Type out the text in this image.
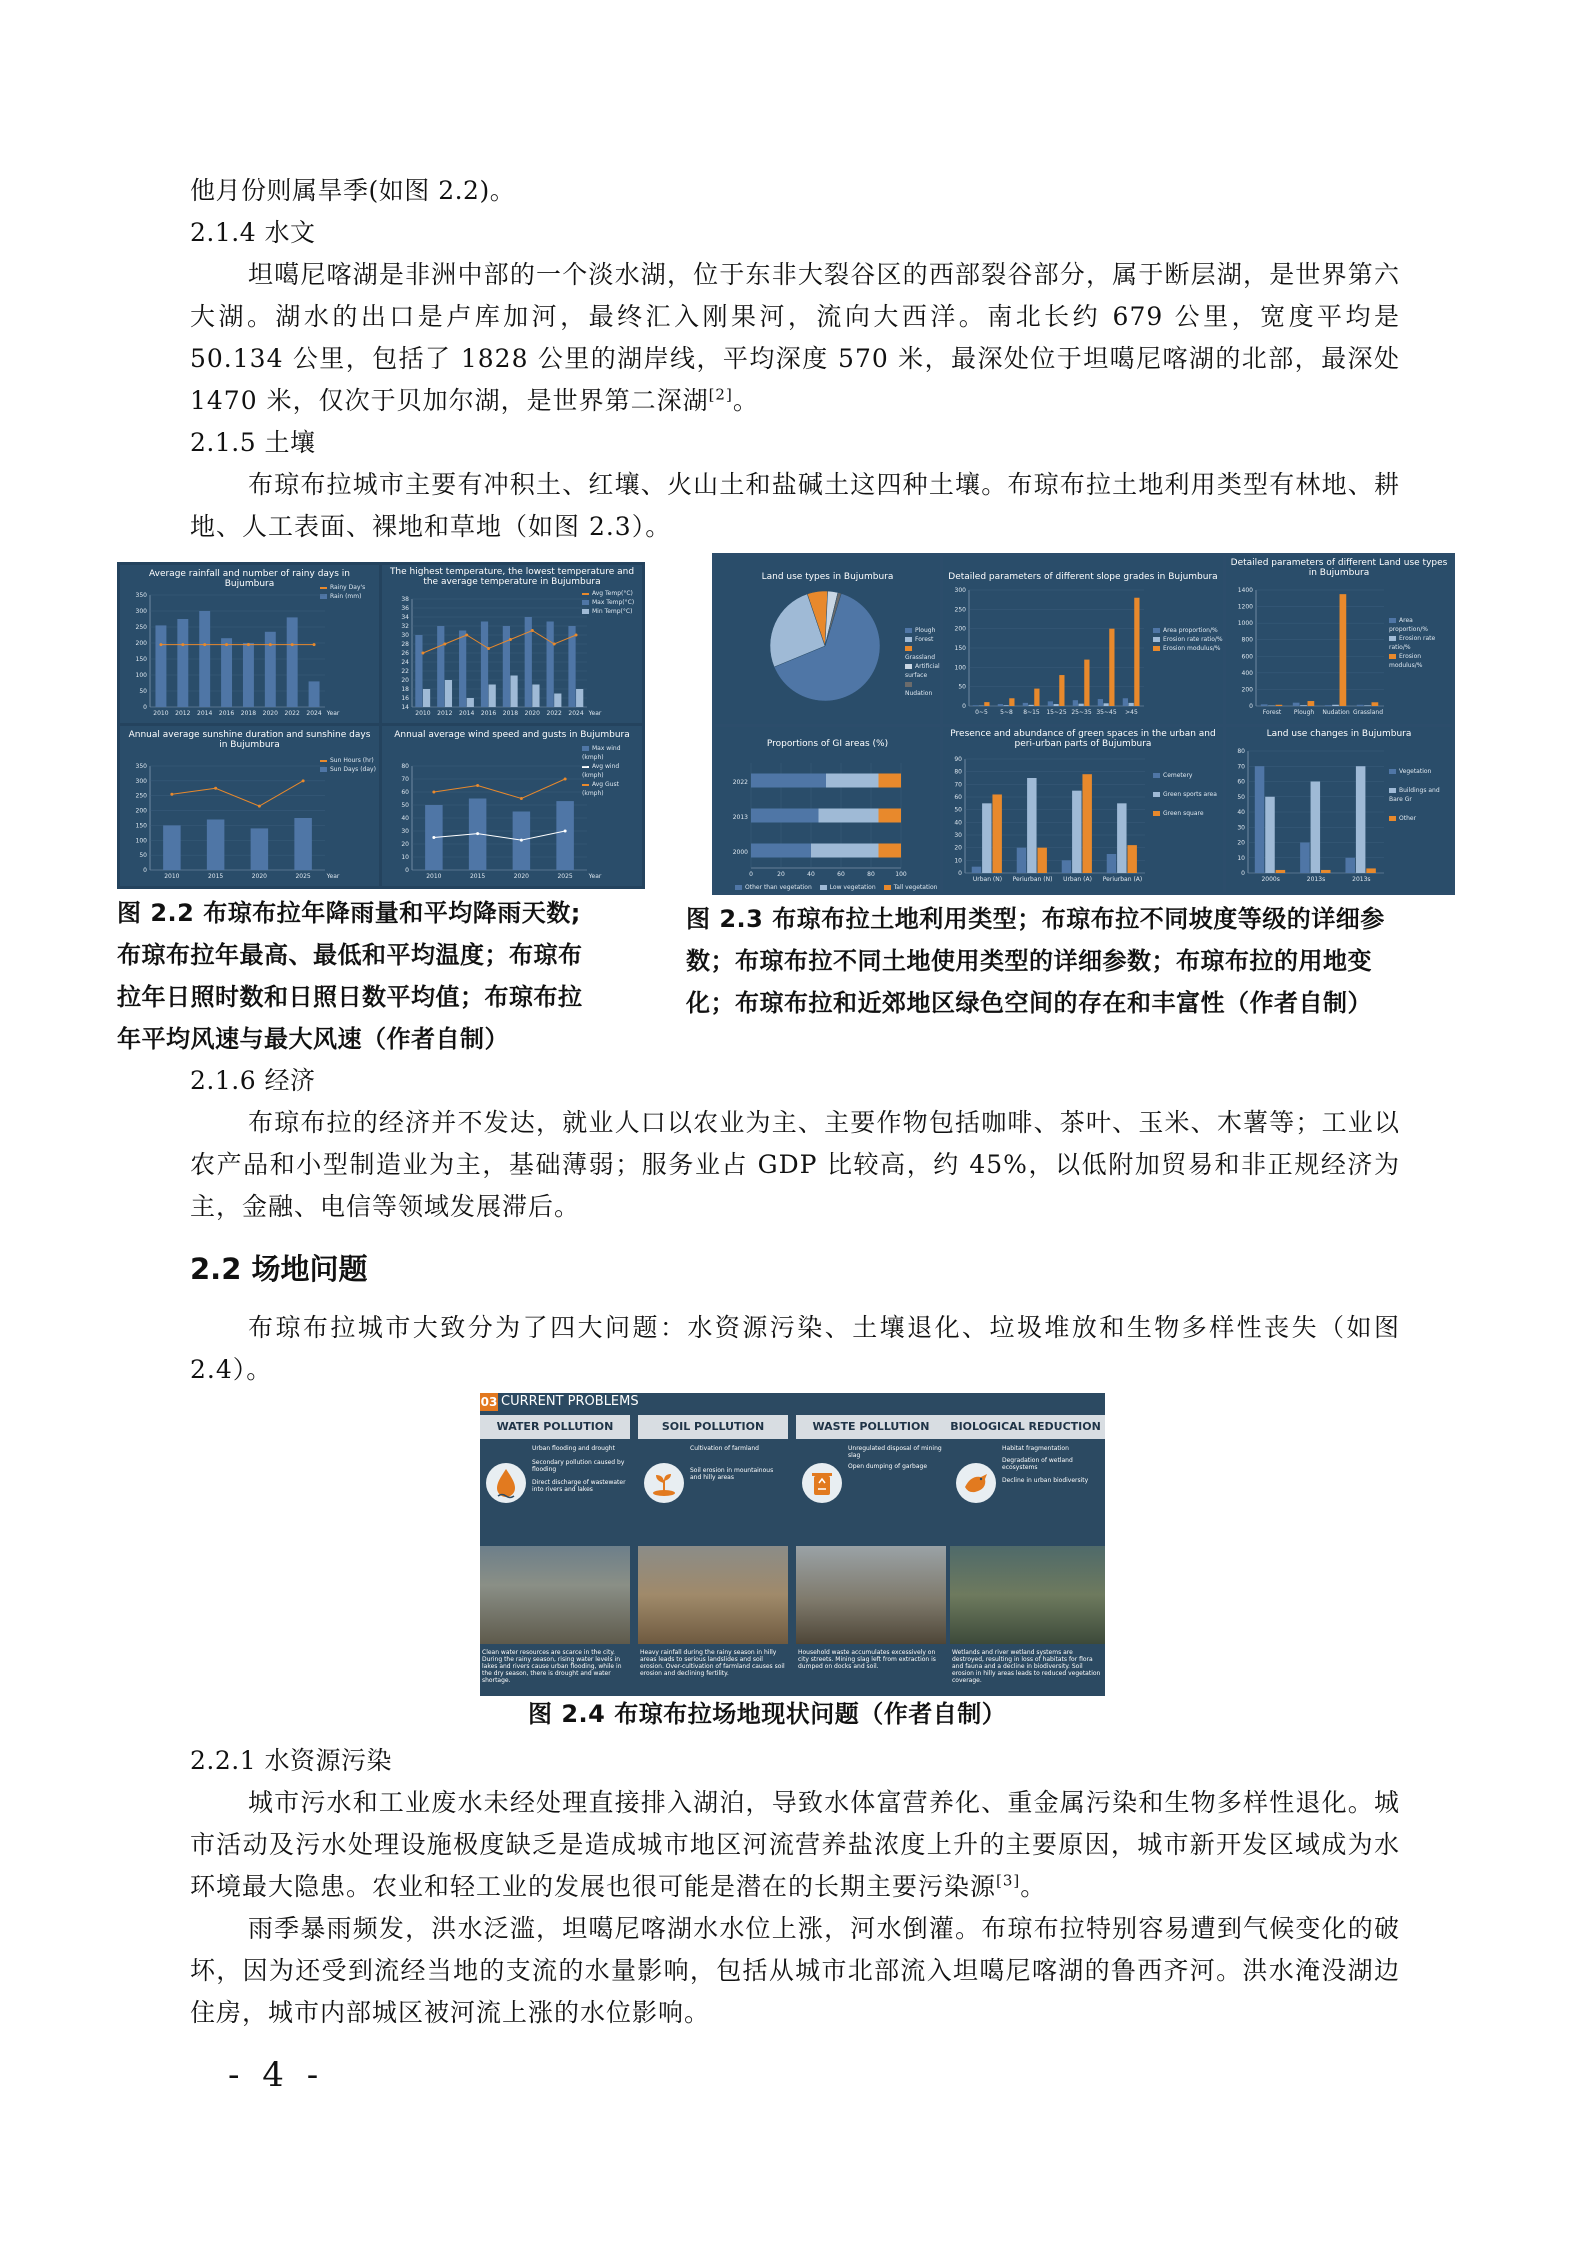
他月份则属旱季(如图 2.2)。
2.1.4 水文
坦噶尼喀湖是非洲中部的一个淡水湖，位于东非大裂谷区的西部裂谷部分，属于断层湖，是世界第六大湖。湖水的出口是卢库加河，最终汇入刚果河，流向大西洋。南北长约 679 公里，宽度平均是 50.134 公里，包括了 1828 公里的湖岸线，平均深度 570 米，最深处位于坦噶尼喀湖的北部，最深处 1470 米，仅次于贝加尔湖，是世界第二深湖[2]。
2.1.5 土壤
布琼布拉城市主要有冲积土、红壤、火山土和盐碱土这四种土壤。布琼布拉土地利用类型有林地、耕地、人工表面、裸地和草地（如图 2.3）。
Average rainfall and number of rainy days in Bujumbura	Rainy Day's
Rain (mm)
0
50
100
150
200
250
300
350
2010 2012 2014 2016 2018 2020 2022 2024 Year
The highest temperature, the lowest temperature and the average temperature in Bujumbura
Avg Temp(°C)
Max Temp(°C)
Min Temp(°C)
14
16
18
20
22
24
26
28
30
32
34
36
38
2010 2012 2014 2016 2018 2020 2022 2024 Year
Annual average sunshine duration and sunshine days in Bujumbura
Sun Hours (hr)
Sun Days (day)
0
50
100
150
200
250
300
350
2010	2015	2020	2025	Year
Annual average wind speed and gusts in Bujumbura
Max wind (kmph)
Avg wind (kmph)
Avg Gust (kmph)
0
10
20
30
40
50
60
70
80
2010	2015	2020	2025	Year
图 2.2 布琼布拉年降雨量和平均降雨天数;
布琼布拉年最高、最低和平均温度；布琼布
拉年日照时数和日照日数平均值；布琼布拉
年平均风速与最大风速（作者自制）
Land use types in Bujumbura
Plough
Forest
Grassland
Artificial surface
Nudation
Detailed parameters of different slope grades in Bujumbura
0
50
100
150
200
250
300
0~5 5~8 8~15 15~25 25~35 35~45 >45
Area proportion/%
Erosion rate ratio/%
Erosion modulus/%
Detailed parameters of different Land use types in Bujumbura
0
200
400
600
800
1000
1200
1400
Forest Plough Nudation Grassland
Area proportion/%
Erosion rate ratio/%
Erosion modulus/%
Proportions of GI areas (%)
0	20	40	60	80	100
2022
2013
2000
Other than vegetation	Low vegetation	Tall vegetation
Presence and abundance of green spaces in the urban and peri-urban parts of Bujumbura
0
10
20
30
40
50
60
70
80
90
Urban (N) Periurban (N) Urban (A) Periurban (A)
Cemetery
Green sports area
Green square
Land use changes in Bujumbura
0
10
20
30
40
50
60
70
80
2000s	2013s	2013s
Vegetation
Buildings and Bare Gr
Other
图 2.3 布琼布拉土地利用类型；布琼布拉不同坡度等级的详细参
数；布琼布拉不同土地使用类型的详细参数；布琼布拉的用地变
化；布琼布拉和近郊地区绿色空间的存在和丰富性（作者自制）
2.1.6 经济
布琼布拉的经济并不发达，就业人口以农业为主、主要作物包括咖啡、茶叶、玉米、木薯等；工业以农产品和小型制造业为主，基础薄弱；服务业占 GDP 比较高，约 45%，以低附加贸易和非正规经济为主，金融、电信等领域发展滞后。
2.2 场地问题
布琼布拉城市大致分为了四大问题：水资源污染、土壤退化、垃圾堆放和生物多样性丧失（如图 2.4）。
03 CURRENT PROBLEMS
WATER POLLUTION	SOIL POLLUTION	WASTE POLLUTION	BIOLOGICAL REDUCTION
Urban flooding and drought
Secondary pollution caused by flooding
Direct discharge of wastewater into rivers and lakes
Clean water resources are scarce in the city. During the rainy season, rising water levels in lakes and rivers cause urban flooding, while in the dry season, there is drought and water shortage.
Cultivation of farmland
Soil erosion in mountainous and hilly areas
Heavy rainfall during the rainy season in hilly areas leads to serious landslides and soil erosion. Over-cultivation of farmland causes soil erosion and declining fertility.
Unregulated disposal of mining slag
Open dumping of garbage
Household waste accumulates excessively on city streets. Mining slag left from extraction is dumped on docks and soil.
Habitat fragmentation
Degradation of wetland ecosystems
Decline in urban biodiversity
Wetlands and river wetland systems are destroyed, resulting in loss of habitats for flora and fauna and a decline in biodiversity. Soil erosion in hilly areas leads to reduced vegetation coverage.
图 2.4 布琼布拉场地现状问题（作者自制）
2.2.1 水资源污染
城市污水和工业废水未经处理直接排入湖泊，导致水体富营养化、重金属污染和生物多样性退化。城市活动及污水处理设施极度缺乏是造成城市地区河流营养盐浓度上升的主要原因，城市新开发区域成为水环境最大隐患。农业和轻工业的发展也很可能是潜在的长期主要污染源[3]。
雨季暴雨频发，洪水泛滥，坦噶尼喀湖水水位上涨，河水倒灌。布琼布拉特别容易遭到气候变化的破坏，因为还受到流经当地的支流的水量影响，包括从城市北部流入坦噶尼喀湖的鲁西齐河。洪水淹没湖边住房，城市内部城区被河流上涨的水位影响。
- 4 -
